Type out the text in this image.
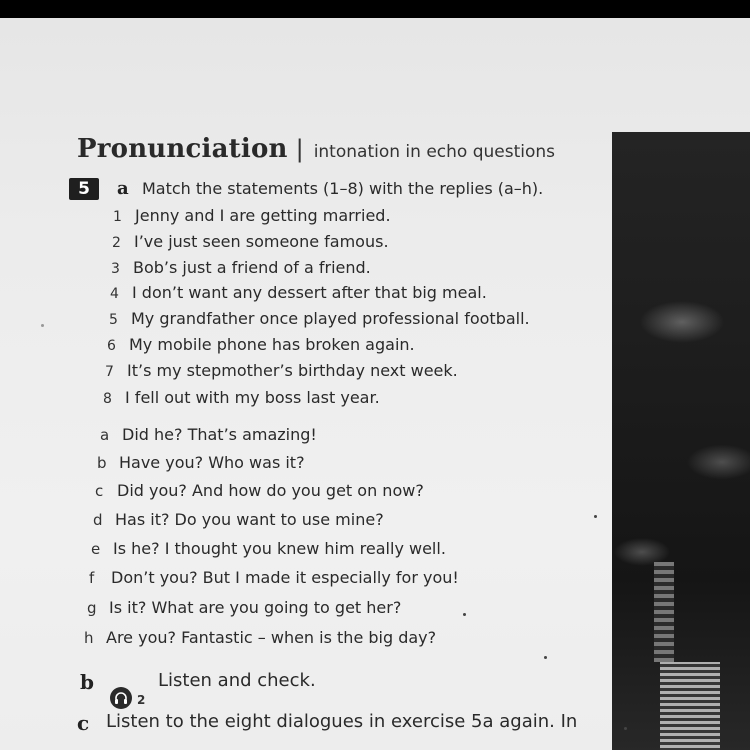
Pronunciation | intonation in echo questions
5	a Match the statements (1–8) with the replies (a–h).
1 Jenny and I are getting married.
2 I’ve just seen someone famous.
3 Bob’s just a friend of a friend.
4 I don’t want any dessert after that big meal.
5 My grandfather once played professional football.
6 My mobile phone has broken again.
7 It’s my stepmother’s birthday next week.
8 I fell out with my boss last year.
a Did he? That’s amazing!
b Have you? Who was it?
c Did you? And how do you get on now?
d Has it? Do you want to use mine?
e Is he? I thought you knew him really well.
f Don’t you? But I made it especially for you!
g Is it? What are you going to get her?
h Are you? Fantastic – when is the big day?
b
2
Listen and check.
c Listen to the eight dialogues in exercise 5a again. In
